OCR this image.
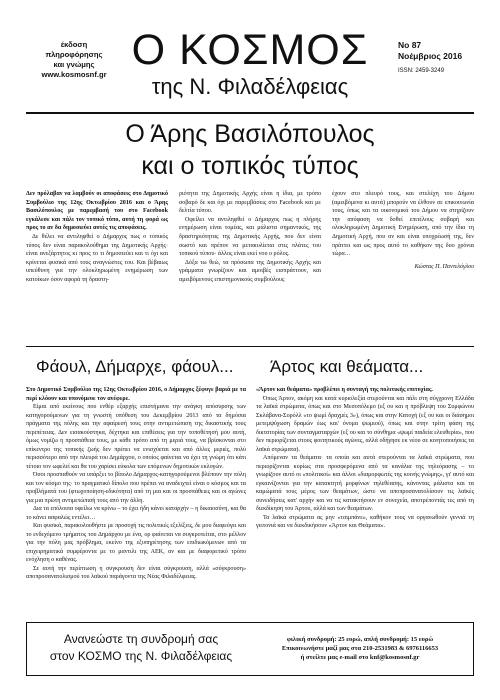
έκδοση
πληροφόρησης
και γνώμης
www.kosmosnf.gr
Ο ΚΟΣΜΟΣ
της Ν. Φιλαδέλφειας
Νο 87
Νοέμβριος 2016
ISSN: 2459-3249
Ο Άρης Βασιλόπουλος
και ο τοπικός τύπος

Δεν πρόλαβαν να λαμβούν οι αποφάσεις στο Δημοτικό Συμβούλιο της 12ης Οκτωβρίου 2016 και ο Άρης Βασιλόπουλος με παρεμβασή του στο Facebook εγκάλεσε και πάλι τον τοπικό τύπο, αυτή τη φορά ως προς το αν δα δημοσιεύει αυτές τις αποφάσεις.

Δε θέλει να αντιληφθεί ο Δήμαρχος πως ο τοπικός τύπος δεν είναι παρακολούθημα της Δημοτικής Αρχής· είναι ανεξάρτητος κι προς το τι δημοσιεύει και τι όχι και κρίνεται φυσικά από τους αναγνώστες του. Και βέβαιως υπεύθυνη για την ολοκληρωμένη ενημέρωση των κατοίκων όσον αφορά τη δραστη-

ριότητα της Δημοτικής Αρχής είναι η ίδια, με τρόπο σοβαρό δε και όχι με παρεμβάσεις στο Facebook και με δελτία τύπου.

Οφείλει να αντιληφθεί ο Δήμαρχος πως η πλήρης ενημέρωση είναι τομέας, και μάλιστα σημαντικός, της δραστηριότητας της Δημοτικής Αρχής, που δεν είναι σωστό και πρέπον να μετακυλίεται στις πλάτες του τοπικού τύπου· άλλος είναι εκεί νου ο ρόλος.

Δόξα τω θεώ, τα πρόσωπα της Δημοτικής Αρχής και γράμματα γνωρίζουν και αμοιβές εισπράττουν, και αμειβόμενους επιστημονικούς συμβούλους

έχουν στο πλευρό τους, και στελέχη του Δήμου (αμειβόμενα κι αυτά) μπορούν να έλθουν σε επικοινωνία τους, όπως και τα οικονομικά του Δήμου να στηρίζουν την απόφαση να δοθεί επιτέλους σοβαρή και ολοκληρωμένη Δημοτική Ενημέρωση, από την ίδια τη Δημοτική Αρχή, που αν και είναι υποχρέωσή της, δεν πράττει και ως προς αυτό το καθήκον της δυο χρόνια τώρα…

Κώστας Π. Παντελόγλου

Φάουλ, Δήμαρχε, φάουλ...	Άρτος και θεάματα...

Στο Δημοτικό Συμβούλιο της 12ης Οκτωβρίου 2016, ο Δήμαρχος ξέφυγε βαριά με τα περί κλόουν και υπονόμευε τον ανέφερε.

Είμαι από εκείνους που ενθέρ εξαρχής επιστήμανα την ανάγκη απόσυρσης των κατηγορούμενων για τη γνωστή υπόθεση του Δεκεμβρίου 2013 από τα δημόσια πράγματα της πόλης και την αφαίρεσή τους στην αντιμετώπιση της δικαστικής τους περιπέτειας. Δεν εισακούστηκα, δέχτηκα και επιθέσεις για την τοποθέτησή μου αυτή, όμως νομίζω η προσπάθεια τους, με κάθε τρόπο από τη μεριά τους, να βρίσκονται στο επίκεντρο της τοπικής ζωής δεν πρέπει να ενισχύεται και από άλλες μεριές, πολύ περισσότερο από την πλευρά του Δημάρχου, ο οποίος φαίνεται να έχει τη γνώμη ότι κάτι τέτοιο τον ωφελεί και θα του χαρίσει εύκολα των επόμενων δημοτικών εκλογών.

Όσοι προσπαθούν να υπάρξει το βίπολο Δήμαρχος-κατηγορούμενοι βλέπουν την πόλη και τον κόσμο της· το πραγματικό δίπολο που πρέπει να αναδειχτεί είναι ο κόσμος και τα προβλήματά του (φτωχοποίηση-εδικότητα) από τη μια και οι προσπάθειες και οι αγώνες για μια πρώτη αντιμετώπισή τους από την άλλη.

Δια τα επόλοιπα οφείλω να κρίνω – το έχει ήδη κάνει καταρχήν – η δικαιοσύνη, και θα το κάνει ασφαλώς εντέλει…

Και φυσικά, παρακολουθήστε με προσοχή τις πολιτικές εξελίξεις, δε μου διαφεύγει και το ενδεχόμενο τμήματος του Δημάρχου με ένα, ορ φαίνεται να συγκροτείται, στο μέλλον για την πόλη μας πρόβλημα, εκείνο της εξυπηρέτησης των επιδιωκόμενων από τα επιχειρηματικά συμφέροντα με το μαντιλι της ΑΕΚ, αν και με διαφορετικό τρόπο ενόχληση ο καθένας.

Σε αυτή την περίπτωση η συγκρουση δεν είναι σύγκρουση, αλλά «σύγκρουση» αποπροσανατολισμού του λαϊκού παράγοντα της Νέας Φιλαδέλφειας.

«Άρτον και θεάματα» προβλέπει η συνταγή της πολιτικής επιτυχίας.

Όπως Άρτον, ακόμη και κατά κυριολεξία στερούνται και πάλι στη σύγχρονη Ελλάδα τα λαϊκά στρώματα, όπως και στο Μεσοπόλεμο (εξ ου και η πρόβλεψη του Συμφώνου Σκλάβανα-Σορόλλ «το ψωμί δραχμές 3»), όπως και στην Κατοχή (εξ ου και οι διάσημοι μετεμψύχωση δραμών έως και' όνομα ψωμιού), όπως και στην τρίτη φάση της δικτατορίας των συνταγματαρχών (εξ ου και το σύνθημα «ψωμί παιδεία ελευθερία», που δεν περιορίζεται στους φοιτητικούς αγώνες, αλλά οδήγησε εκ νέου σε κινητοποιήσεις τα λαϊκά στρώματα).

Απόμεναν τα θεάματα· τα οποία και αυτά στερούνται τα λαϊκά στρώματα, που περιορίζονται κυρίως στα προσφερόμενα από τα κανάλια της τηλεόρασης – το γνωρίζουν αυτό οι «πολιτικοί» και άλλοι «διαμορφωτές της κοινής γνώμης», γι' αυτό και εγκαινίζονται για την κατακτητή μορφίνων τηλεθέασης, κάνοντας μάλιστα και τα καμώματά τους μέρος των θεαμάτων, ώστε να αποπροσανατολίσουν τις λαϊκές συνειδήσεις κατ' αρχήν και να τις κατακτήσουν εν συνεχεία, αποτρέποντάς τες από τη διεκδίκηση του Άρτου, αλλά και των θεαμάτων.

Τα λαϊκά στρώματα ας μην «τσιμπάνε», καθήκον τους να οργανωθούν γεννιά τη γειτονιά και να διεκδικήσουν «Άρτον και Θεάματα».

Ανανεώστε τη συνδρομή σας
στον ΚΟΣΜΟ της Ν. Φιλαδέλφειας
φιλική συνδρομή: 25 ευρώ, απλή συνδρομή: 15 ευρώ
Επικοινωνήστε μαζί μας στα 210-2531983 & 6976116653
ή στείλτε μας e-mail στο knf@kosmosnf.gr
